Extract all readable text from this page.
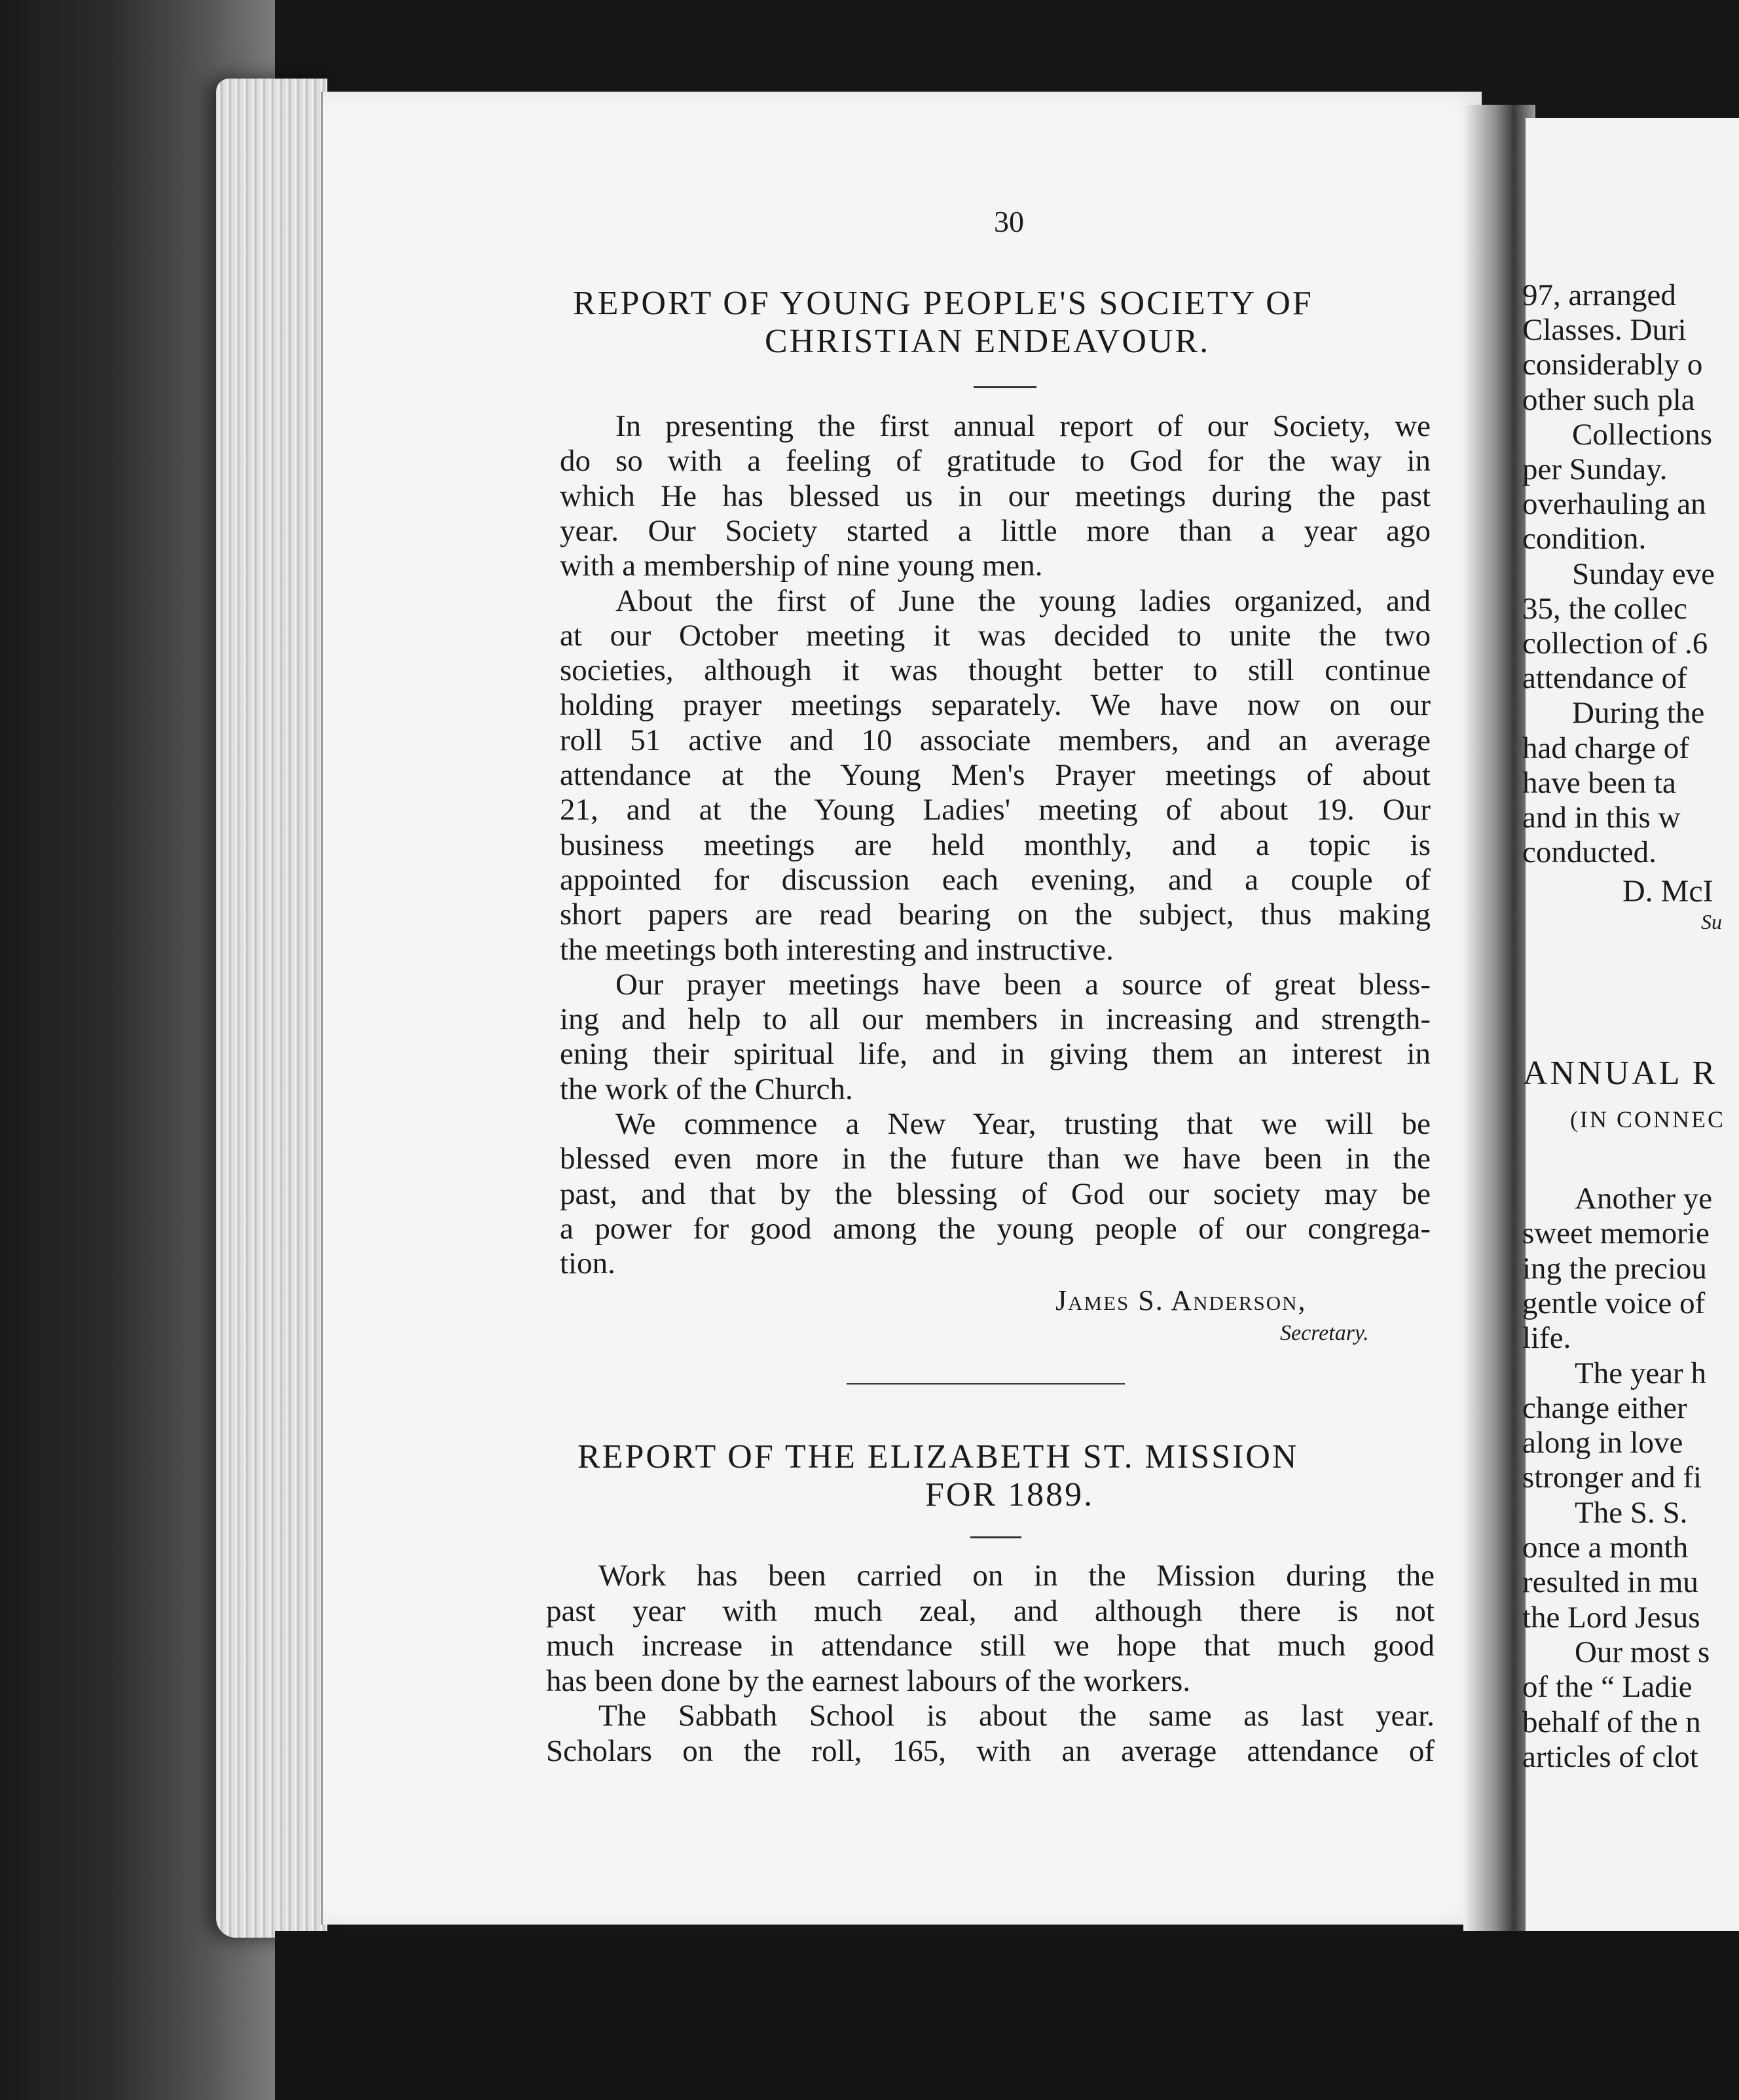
30
REPORT OF YOUNG PEOPLE'S SOCIETY OF
CHRISTIAN ENDEAVOUR.
In presenting the first annual report of our Society, we
do so with a feeling of gratitude to God for the way in
which He has blessed us in our meetings during the past
year. Our Society started a little more than a year ago
with a membership of nine young men.
About the first of June the young ladies organized, and
at our October meeting it was decided to unite the two
societies, although it was thought better to still continue
holding prayer meetings separately. We have now on our
roll 51 active and 10 associate members, and an average
attendance at the Young Men's Prayer meetings of about
21, and at the Young Ladies' meeting of about 19. Our
business meetings are held monthly, and a topic is
appointed for discussion each evening, and a couple of
short papers are read bearing on the subject, thus making
the meetings both interesting and instructive.
Our prayer meetings have been a source of great bless-
ing and help to all our members in increasing and strength-
ening their spiritual life, and in giving them an interest in
the work of the Church.
We commence a New Year, trusting that we will be
blessed even more in the future than we have been in the
past, and that by the blessing of God our society may be
a power for good among the young people of our congrega-
tion.
James S. Anderson,
Secretary.
REPORT OF THE ELIZABETH ST. MISSION
FOR 1889.
Work has been carried on in the Mission during the
past year with much zeal, and although there is not
much increase in attendance still we hope that much good
has been done by the earnest labours of the workers.
The Sabbath School is about the same as last year.
Scholars on the roll, 165, with an average attendance of
97, arranged
Classes. Duri
considerably o
other such pla
Collections
per Sunday.
overhauling an
condition.
Sunday eve
35, the collec
collection of .6
attendance of
During the
had charge of
have been ta
and in this w
conducted.
D. McI
Su
ANNUAL R
(IN CONNEC
Another ye
sweet memorie
ing the preciou
gentle voice of
life.
The year h
change either
along in love
stronger and fi
The S. S.
once a month
resulted in mu
the Lord Jesus
Our most s
of the “ Ladie
behalf of the n
articles of clot
